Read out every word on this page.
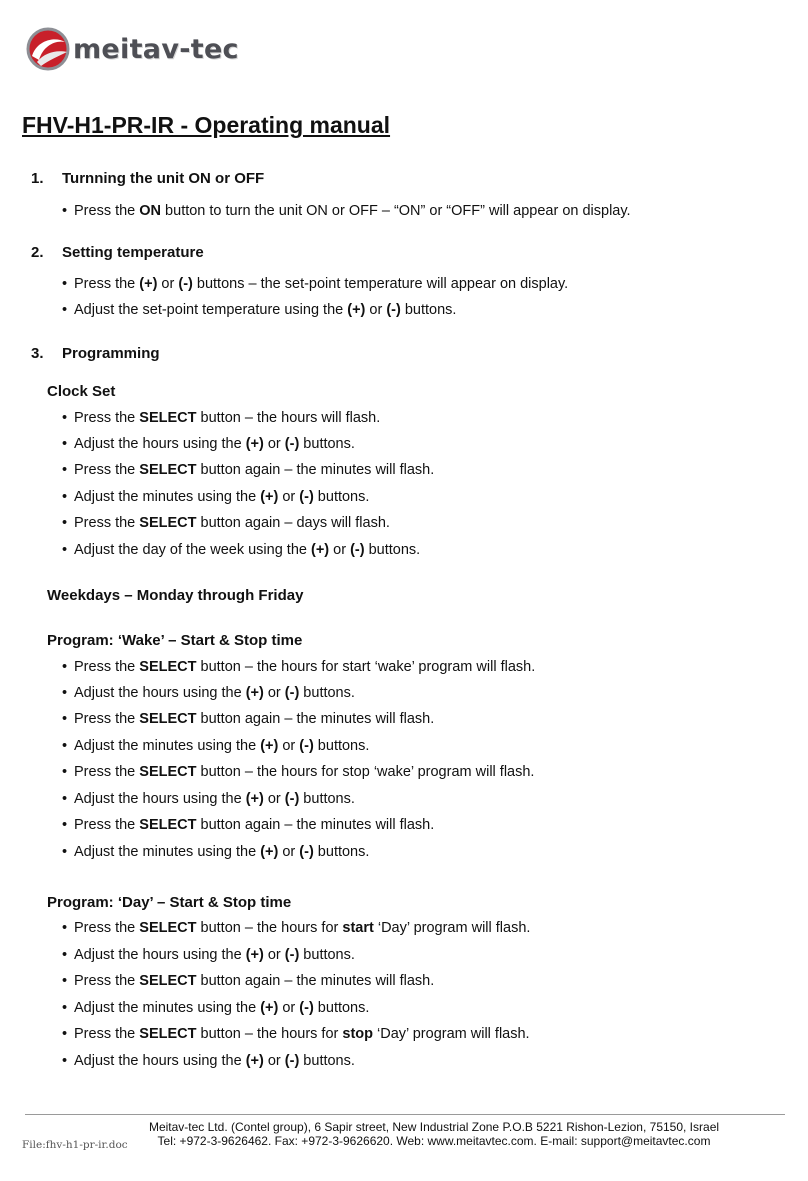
meitav-tec
FHV-H1-PR-IR - Operating manual
1. Turnning the unit ON or OFF
• Press the ON button to turn the unit ON or OFF – “ON” or “OFF” will appear on display.
2. Setting temperature
• Press the (+) or (-) buttons – the set-point temperature will appear on display.
• Adjust the set-point temperature using the (+) or (-) buttons.
3. Programming
Clock Set
• Press the SELECT button – the hours will flash.
• Adjust the hours using the (+) or (-) buttons.
• Press the SELECT button again – the minutes will flash.
• Adjust the minutes using the (+) or (-) buttons.
• Press the SELECT button again – days will flash.
• Adjust the day of the week using the (+) or (-) buttons.
Weekdays – Monday through Friday
Program: ‘Wake’ – Start & Stop time
• Press the SELECT button – the hours for start ‘wake’ program will flash.
• Adjust the hours using the (+) or (-) buttons.
• Press the SELECT button again – the minutes will flash.
• Adjust the minutes using the (+) or (-) buttons.
• Press the SELECT button – the hours for stop ‘wake’ program will flash.
• Adjust the hours using the (+) or (-) buttons.
• Press the SELECT button again – the minutes will flash.
• Adjust the minutes using the (+) or (-) buttons.
Program: ‘Day’ – Start & Stop time
• Press the SELECT button – the hours for start ‘Day’ program will flash.
• Adjust the hours using the (+) or (-) buttons.
• Press the SELECT button again – the minutes will flash.
• Adjust the minutes using the (+) or (-) buttons.
• Press the SELECT button – the hours for stop ‘Day’ program will flash.
• Adjust the hours using the (+) or (-) buttons.
Meitav-tec Ltd. (Contel group), 6 Sapir street, New Industrial Zone P.O.B 5221 Rishon-Lezion, 75150, Israel
Tel: +972-3-9626462. Fax: +972-3-9626620. Web: www.meitavtec.com. E-mail: support@meitavtec.com
File:fhv-h1-pr-ir.doc
